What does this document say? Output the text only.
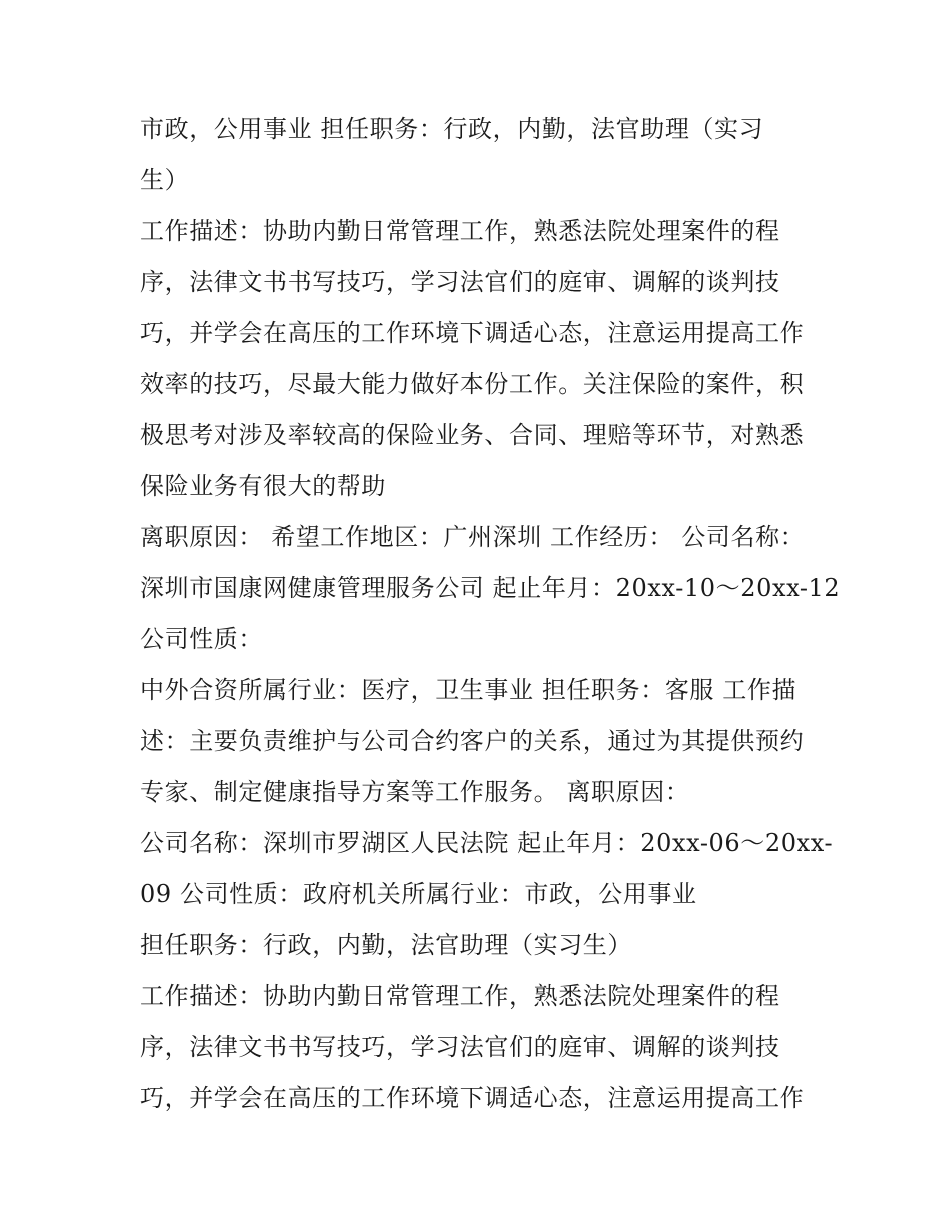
市政，公用事业 担任职务：行政，内勤，法官助理（实习
生）
工作描述：协助内勤日常管理工作，熟悉法院处理案件的程
序，法律文书书写技巧，学习法官们的庭审、调解的谈判技
巧，并学会在高压的工作环境下调适心态，注意运用提高工作
效率的技巧，尽最大能力做好本份工作。关注保险的案件，积
极思考对涉及率较高的保险业务、合同、理赔等环节，对熟悉
保险业务有很大的帮助
离职原因： 希望工作地区：广州深圳 工作经历： 公司名称：
深圳市国康网健康管理服务公司 起止年月：20xx-10～20xx-12
公司性质：
中外合资所属行业：医疗，卫生事业 担任职务：客服 工作描
述：主要负责维护与公司合约客户的关系，通过为其提供预约
专家、制定健康指导方案等工作服务。 离职原因：
公司名称：深圳市罗湖区人民法院 起止年月：20xx-06～20xx-
09 公司性质：政府机关所属行业：市政，公用事业
担任职务：行政，内勤，法官助理（实习生）
工作描述：协助内勤日常管理工作，熟悉法院处理案件的程
序，法律文书书写技巧，学习法官们的庭审、调解的谈判技
巧，并学会在高压的工作环境下调适心态，注意运用提高工作
